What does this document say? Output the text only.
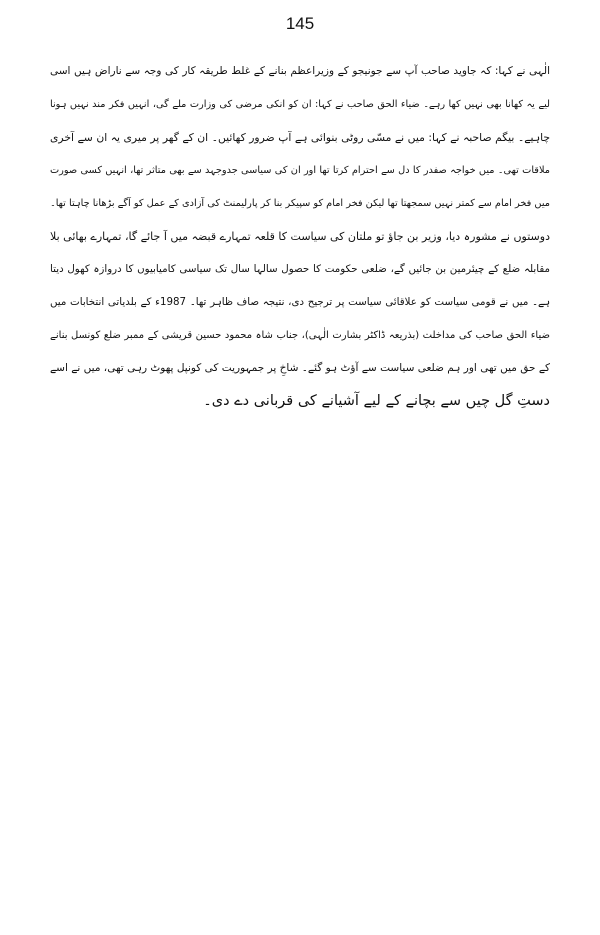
145
الٰہی نے کہا: کہ جاوید صاحب آپ سے جونیجو کے وزیراعظم بنانے کے غلط طریقہ کار کی وجہ سے ناراض ہیں اسی
لیے یہ کھانا بھی نہیں کھا رہے۔ ضیاء الحق صاحب نے کہا: ان کو انکی مرضی کی وزارت ملے گی، انہیں فکر مند نہیں ہونا
چاہیے۔ بیگم صاحبہ نے کہا: میں نے مسّی روٹی بنوائی ہے آپ ضرور کھائیں۔ ان کے گھر پر میری یہ ان سے آخری
ملاقات تھی۔ میں خواجہ صفدر کا دل سے احترام کرتا تھا اور ان کی سیاسی جدوجہد سے بھی متاثر تھا، انہیں کسی صورت
میں فخر امام سے کمتر نہیں سمجھتا تھا لیکن فخر امام کو سپیکر بنا کر پارلیمنٹ کی آزادی کے عمل کو آگے بڑھانا چاہتا تھا۔
دوستوں نے مشورہ دیا، وزیر بن جاؤ تو ملتان کی سیاست کا قلعہ تمہارے قبضہ میں آ جائے گا، تمہارے بھائی بلا
مقابلہ ضلع کے چیئرمین بن جائیں گے، ضلعی حکومت کا حصول سالہا سال تک سیاسی کامیابیوں کا دروازہ کھول دیتا
ہے۔ میں نے قومی سیاست کو علاقائی سیاست پر ترجیح دی، نتیجہ صاف ظاہر تھا۔ 1987ء کے بلدیاتی انتخابات میں
ضیاء الحق صاحب کی مداخلت (بذریعہ ڈاکٹر بشارت الٰہی)، جناب شاہ محمود حسین قریشی کے ممبر ضلع کونسل بنانے
کے حق میں تھی اور ہم ضلعی سیاست سے آؤٹ ہو گئے۔ شاخِ پر جمہوریت کی کونپل پھوٹ رہی تھی، میں نے اسے
دستِ گل چیں سے بچانے کے لیے آشیانے کی قربانی دے دی۔
